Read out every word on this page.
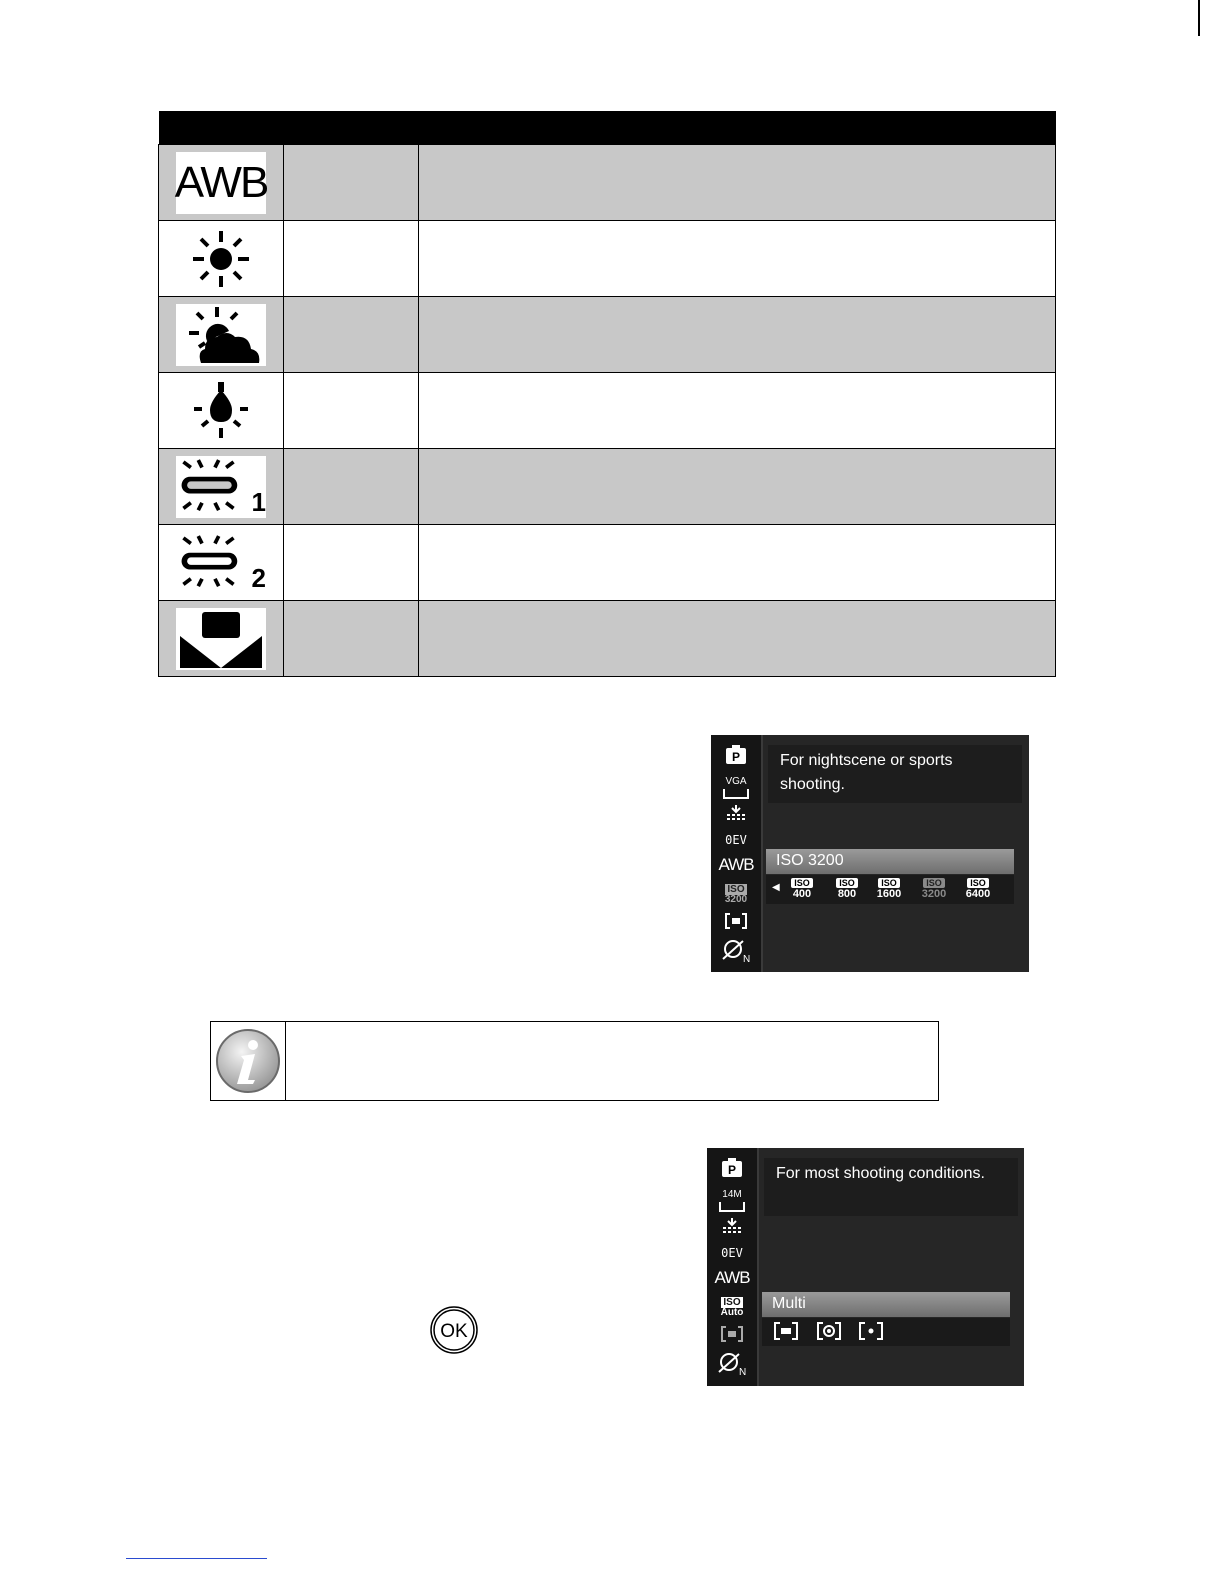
AWB		

1		

2		

P
VGA
0EV
AWB
ISO
3200
N
For nightscene or sports shooting.
ISO 3200
◀	ISO
400
ISO
800
ISO
1600
ISO
3200
ISO
6400
P
14M
0EV
AWB
ISO
Auto
N
For most shooting conditions.
Multi
OK
